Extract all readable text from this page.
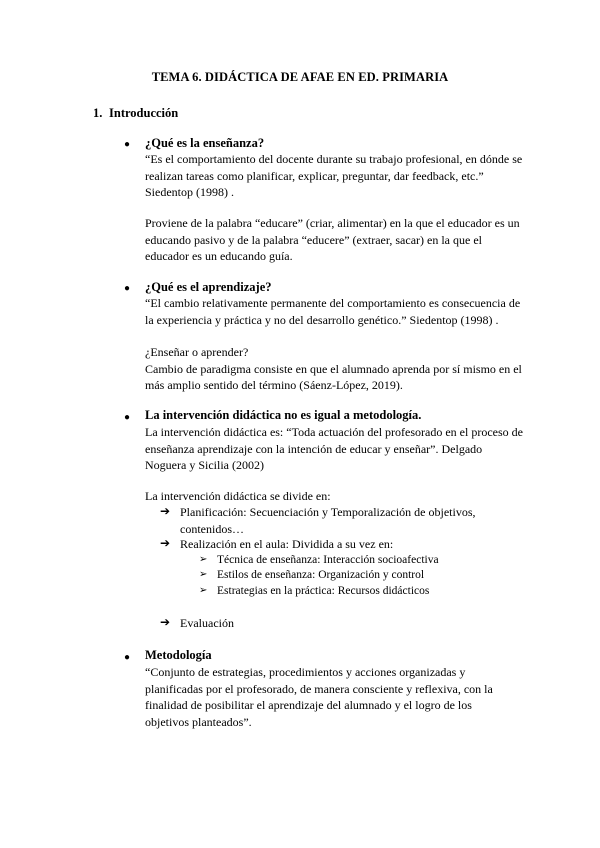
TEMA 6. DIDÁCTICA DE AFAE EN ED. PRIMARIA
1. Introducción
● ¿Qué es la enseñanza?
“Es el comportamiento del docente durante su trabajo profesional, en dónde se
realizan tareas como planificar, explicar, preguntar, dar feedback, etc.”
Siedentop (1998) .
Proviene de la palabra “educare” (criar, alimentar) en la que el educador es un
educando pasivo y de la palabra “educere” (extraer, sacar) en la que el
educador es un educando guía.
● ¿Qué es el aprendizaje?
“El cambio relativamente permanente del comportamiento es consecuencia de
la experiencia y práctica y no del desarrollo genético.” Siedentop (1998) .
¿Enseñar o aprender?
Cambio de paradigma consiste en que el alumnado aprenda por sí mismo en el
más amplio sentido del término (Sáenz-López, 2019).
● La intervención didáctica no es igual a metodología.
La intervención didáctica es: “Toda actuación del profesorado en el proceso de
enseñanza aprendizaje con la intención de educar y enseñar”. Delgado
Noguera y Sicilia (2002)
La intervención didáctica se divide en:
➔ Planificación: Secuenciación y Temporalización de objetivos,
contenidos…
➔ Realización en el aula: Dividida a su vez en:
➢ Técnica de enseñanza: Interacción socioafectiva
➢ Estilos de enseñanza: Organización y control
➢ Estrategias en la práctica: Recursos didácticos
➔ Evaluación
● Metodología
“Conjunto de estrategias, procedimientos y acciones organizadas y
planificadas por el profesorado, de manera consciente y reflexiva, con la
finalidad de posibilitar el aprendizaje del alumnado y el logro de los
objetivos planteados”.
